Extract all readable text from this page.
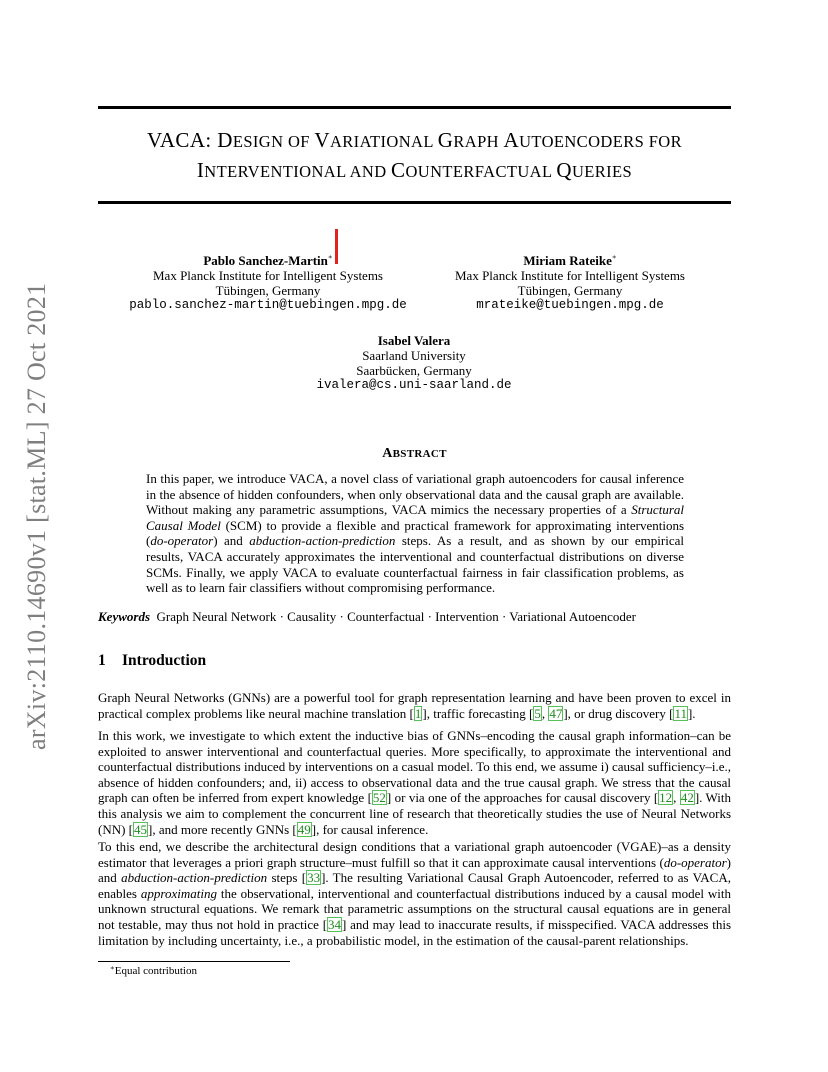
VACA: DESIGN OF VARIATIONAL GRAPH AUTOENCODERS FOR
INTERVENTIONAL AND COUNTERFACTUAL QUERIES
arXiv:2110.14690v1 [stat.ML] 27 Oct 2021
Pablo Sanchez-Martin∗
Max Planck Institute for Intelligent Systems
Tübingen, Germany
pablo.sanchez-martin@tuebingen.mpg.de
Miriam Rateike∗
Max Planck Institute for Intelligent Systems
Tübingen, Germany
mrateike@tuebingen.mpg.de
Isabel Valera
Saarland University
Saarbücken, Germany
ivalera@cs.uni-saarland.de
ABSTRACT
In this paper, we introduce VACA, a novel class of variational graph autoencoders for causal inference in the absence of hidden confounders, when only observational data and the causal graph are available. Without making any parametric assumptions, VACA mimics the necessary properties of a Structural Causal Model (SCM) to provide a flexible and practical framework for approximating interventions (do-operator) and abduction-action-prediction steps. As a result, and as shown by our empirical results, VACA accurately approximates the interventional and counterfactual distributions on diverse SCMs. Finally, we apply VACA to evaluate counterfactual fairness in fair classification problems, as well as to learn fair classifiers without compromising performance.
Keywords Graph Neural Network · Causality · Counterfactual · Intervention · Variational Autoencoder
1 Introduction
Graph Neural Networks (GNNs) are a powerful tool for graph representation learning and have been proven to excel in practical complex problems like neural machine translation [1], traffic forecasting [5, 47], or drug discovery [11].
In this work, we investigate to which extent the inductive bias of GNNs–encoding the causal graph information–can be exploited to answer interventional and counterfactual queries. More specifically, to approximate the interventional and counterfactual distributions induced by interventions on a casual model. To this end, we assume i) causal sufficiency–i.e., absence of hidden confounders; and, ii) access to observational data and the true causal graph. We stress that the causal graph can often be inferred from expert knowledge [52] or via one of the approaches for causal discovery [12, 42]. With this analysis we aim to complement the concurrent line of research that theoretically studies the use of Neural Networks (NN) [45], and more recently GNNs [49], for causal inference.
To this end, we describe the architectural design conditions that a variational graph autoencoder (VGAE)–as a density estimator that leverages a priori graph structure–must fulfill so that it can approximate causal interventions (do-operator) and abduction-action-prediction steps [33]. The resulting Variational Causal Graph Autoencoder, referred to as VACA, enables approximating the observational, interventional and counterfactual distributions induced by a causal model with unknown structural equations. We remark that parametric assumptions on the structural causal equations are in general not testable, may thus not hold in practice [34] and may lead to inaccurate results, if misspecified. VACA addresses this limitation by including uncertainty, i.e., a probabilistic model, in the estimation of the causal-parent relationships.
∗Equal contribution
